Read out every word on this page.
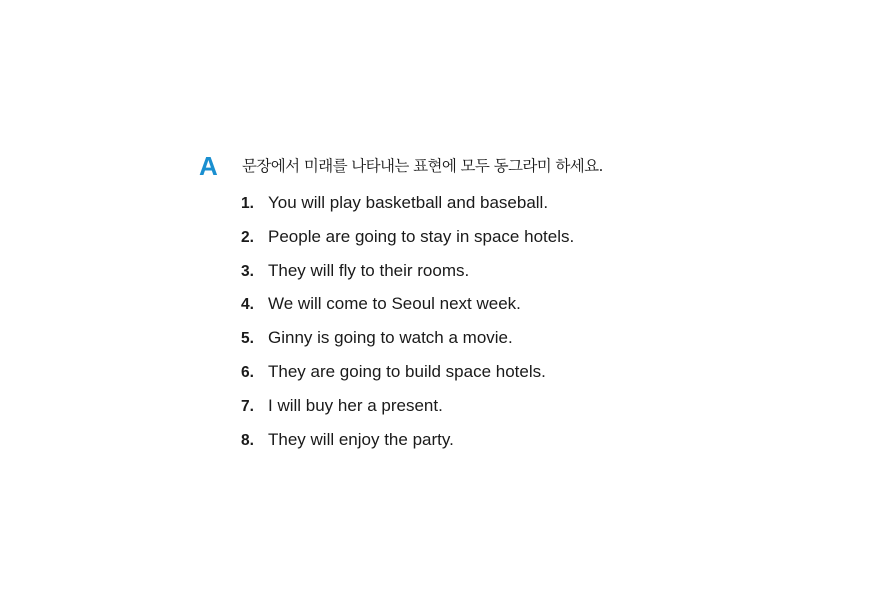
A	문장에서 미래를 나타내는 표현에 모두 동그라미 하세요.
1. You will play basketball and baseball.
2. People are going to stay in space hotels.
3. They will fly to their rooms.
4. We will come to Seoul next week.
5. Ginny is going to watch a movie.
6. They are going to build space hotels.
7. I will buy her a present.
8. They will enjoy the party.
